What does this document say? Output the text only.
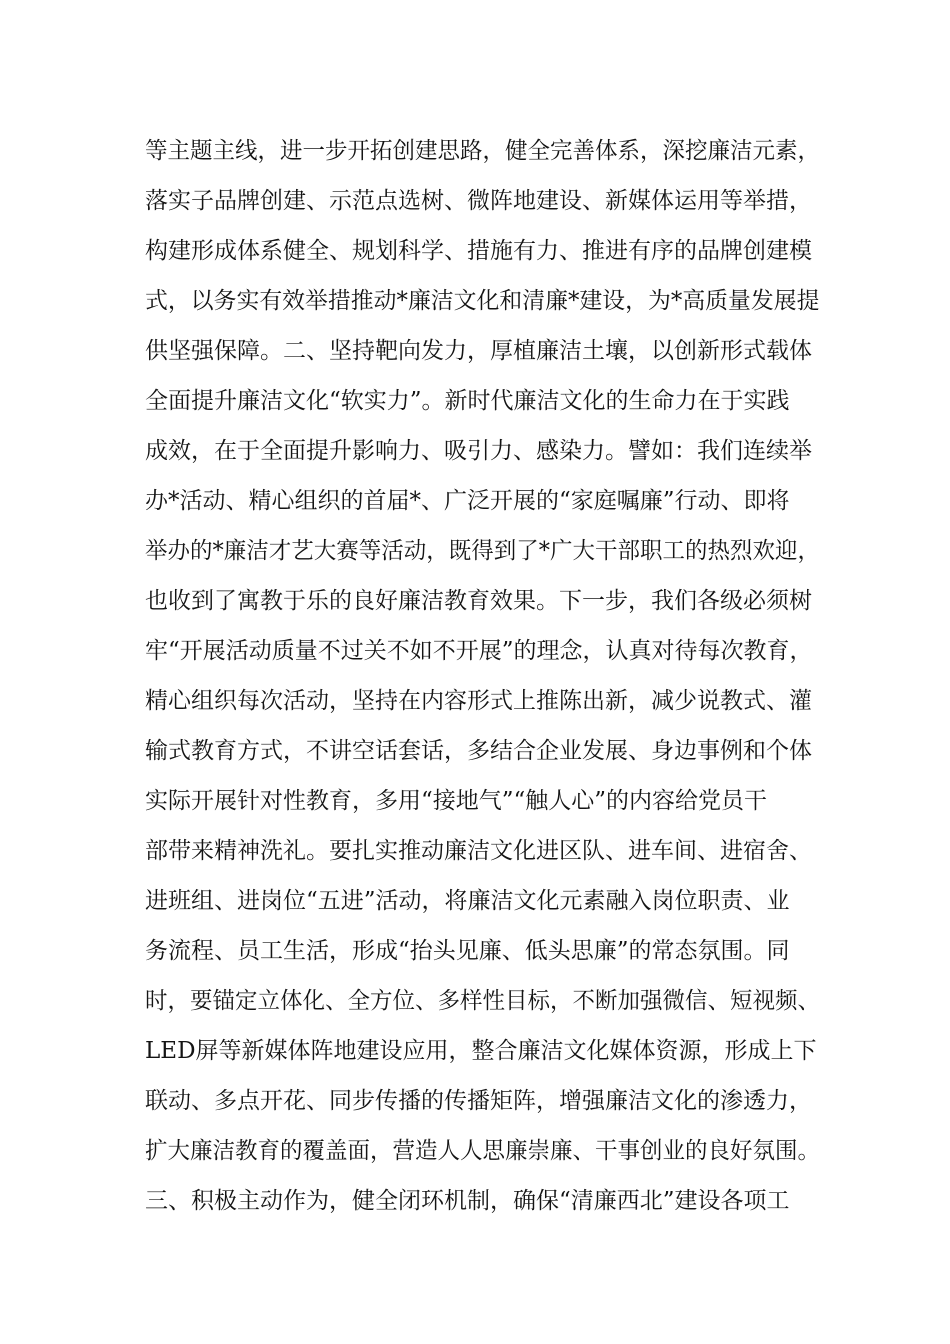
等主题主线，进一步开拓创建思路，健全完善体系，深挖廉洁元素，
落实子品牌创建、示范点选树、微阵地建设、新媒体运用等举措，
构建形成体系健全、规划科学、措施有力、推进有序的品牌创建模
式，以务实有效举措推动*廉洁文化和清廉*建设，为*高质量发展提
供坚强保障。二、坚持靶向发力，厚植廉洁土壤，以创新形式载体
全面提升廉洁文化“软实力”。新时代廉洁文化的生命力在于实践
成效，在于全面提升影响力、吸引力、感染力。譬如：我们连续举
办*活动、精心组织的首届*、广泛开展的“家庭嘱廉”行动、即将
举办的*廉洁才艺大赛等活动，既得到了*广大干部职工的热烈欢迎，
也收到了寓教于乐的良好廉洁教育效果。下一步，我们各级必须树
牢“开展活动质量不过关不如不开展”的理念，认真对待每次教育，
精心组织每次活动，坚持在内容形式上推陈出新，减少说教式、灌
输式教育方式，不讲空话套话，多结合企业发展、身边事例和个体
实际开展针对性教育，多用“接地气”“触人心”的内容给党员干
部带来精神洗礼。要扎实推动廉洁文化进区队、进车间、进宿舍、
进班组、进岗位“五进”活动，将廉洁文化元素融入岗位职责、业
务流程、员工生活，形成“抬头见廉、低头思廉”的常态氛围。同
时，要锚定立体化、全方位、多样性目标，不断加强微信、短视频、
LED屏等新媒体阵地建设应用，整合廉洁文化媒体资源，形成上下
联动、多点开花、同步传播的传播矩阵，增强廉洁文化的渗透力，
扩大廉洁教育的覆盖面，营造人人思廉崇廉、干事创业的良好氛围。
三、积极主动作为，健全闭环机制，确保“清廉西北”建设各项工
